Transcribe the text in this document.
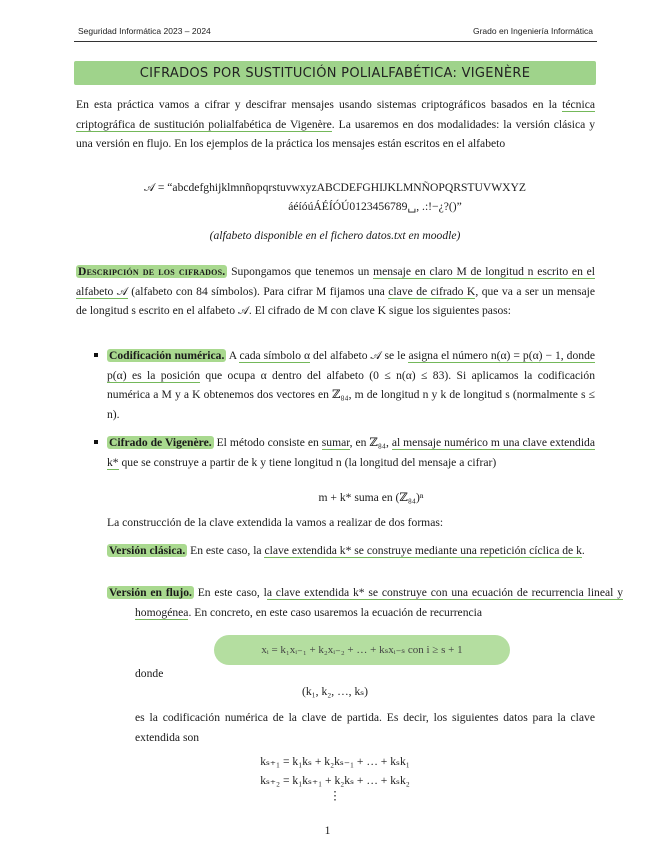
Seguridad Informática 2023 – 2024	Grado en Ingeniería Informática
CIFRADOS POR SUSTITUCIÓN POLIALFABÉTICA: VIGENÈRE
En esta práctica vamos a cifrar y descifrar mensajes usando sistemas criptográficos basados en la técnica criptográfica de sustitución polialfabética de Vigenère. La usaremos en dos modalidades: la versión clásica y una versión en flujo. En los ejemplos de la práctica los mensajes están escritos en el alfabeto
𝒜 = “abcdefghijklmnñopqrstuvwxyzABCDEFGHIJKLMNÑOPQRSTUVWXYZ
áéíóúÁÉÍÓÚ0123456789␣, .:!−¿?()”
(alfabeto disponible en el fichero datos.txt en moodle)
Descripción de los cifrados. Supongamos que tenemos un mensaje en claro M de longitud n escrito en el alfabeto 𝒜 (alfabeto con 84 símbolos). Para cifrar M fijamos una clave de cifrado K, que va a ser un mensaje de longitud s escrito en el alfabeto 𝒜. El cifrado de M con clave K sigue los siguientes pasos:
Codificación numérica. A cada símbolo α del alfabeto 𝒜 se le asigna el número n(α) = p(α) − 1, donde p(α) es la posición que ocupa α dentro del alfabeto (0 ≤ n(α) ≤ 83). Si aplicamos la codificación numérica a M y a K obtenemos dos vectores en ℤ₈₄, m de longitud n y k de longitud s (normalmente s ≤ n).
Cifrado de Vigenère. El método consiste en sumar, en ℤ₈₄, al mensaje numérico m una clave extendida k* que se construye a partir de k y tiene longitud n (la longitud del mensaje a cifrar)
m + k* suma en (ℤ₈₄)ⁿ
La construcción de la clave extendida la vamos a realizar de dos formas:
Versión clásica. En este caso, la clave extendida k* se construye mediante una repetición cíclica de k.
Versión en flujo. En este caso, la clave extendida k* se construye con una ecuación de recurrencia lineal y homogénea. En concreto, en este caso usaremos la ecuación de recurrencia
xᵢ = k₁xᵢ₋₁ + k₂xᵢ₋₂ + … + kₛxᵢ₋ₛ con i ≥ s + 1
donde
(k₁, k₂, …, kₛ)
es la codificación numérica de la clave de partida. Es decir, los siguientes datos para la clave extendida son
kₛ₊₁ = k₁kₛ + k₂kₛ₋₁ + … + kₛk₁
kₛ₊₂ = k₁kₛ₊₁ + k₂kₛ + … + kₛk₂
⋮
1
